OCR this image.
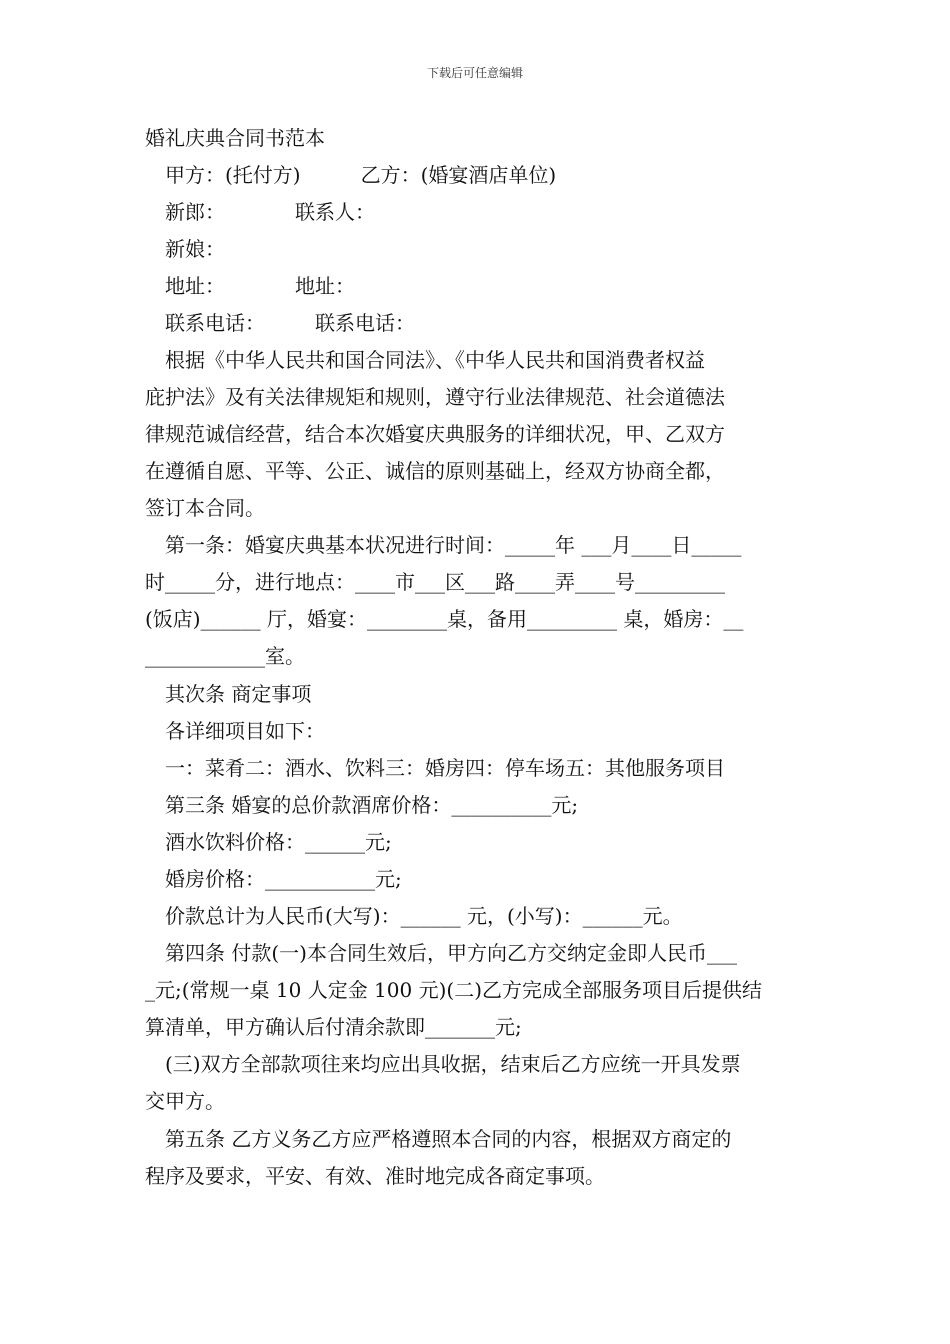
下载后可任意编辑
婚礼庆典合同书范本
甲方：(托付方)　　　乙方：(婚宴酒店单位)
新郎：　　　　联系人：
新娘：
地址：　　　　地址：
联系电话：　　　联系电话：
根据《中华人民共和国合同法》、《中华人民共和国消费者权益
庇护法》及有关法律规矩和规则，遵守行业法律规范、社会道德法
律规范诚信经营，结合本次婚宴庆典服务的详细状况，甲、乙双方
在遵循自愿、平等、公正、诚信的原则基础上，经双方协商全都，
签订本合同。
第一条：婚宴庆典基本状况进行时间：_____年 ___月____日_____
时_____分，进行地点：____市___区___路____弄____号_________
(饭店)______ 厅，婚宴：________桌，备用_________ 桌，婚房：__
____________室。
其次条 商定事项
各详细项目如下：
一：菜肴二：酒水、饮料三：婚房四：停车场五：其他服务项目
第三条 婚宴的总价款酒席价格：__________元;
酒水饮料价格：______元;
婚房价格：___________元;
价款总计为人民币(大写)：______ 元，(小写)：______元。
第四条 付款(一)本合同生效后，甲方向乙方交纳定金即人民币___
_元;(常规一桌 10 人定金 100 元)(二)乙方完成全部服务项目后提供结
算清单，甲方确认后付清余款即_______元;
(三)双方全部款项往来均应出具收据，结束后乙方应统一开具发票
交甲方。
第五条 乙方义务乙方应严格遵照本合同的内容，根据双方商定的
程序及要求，平安、有效、准时地完成各商定事项。
